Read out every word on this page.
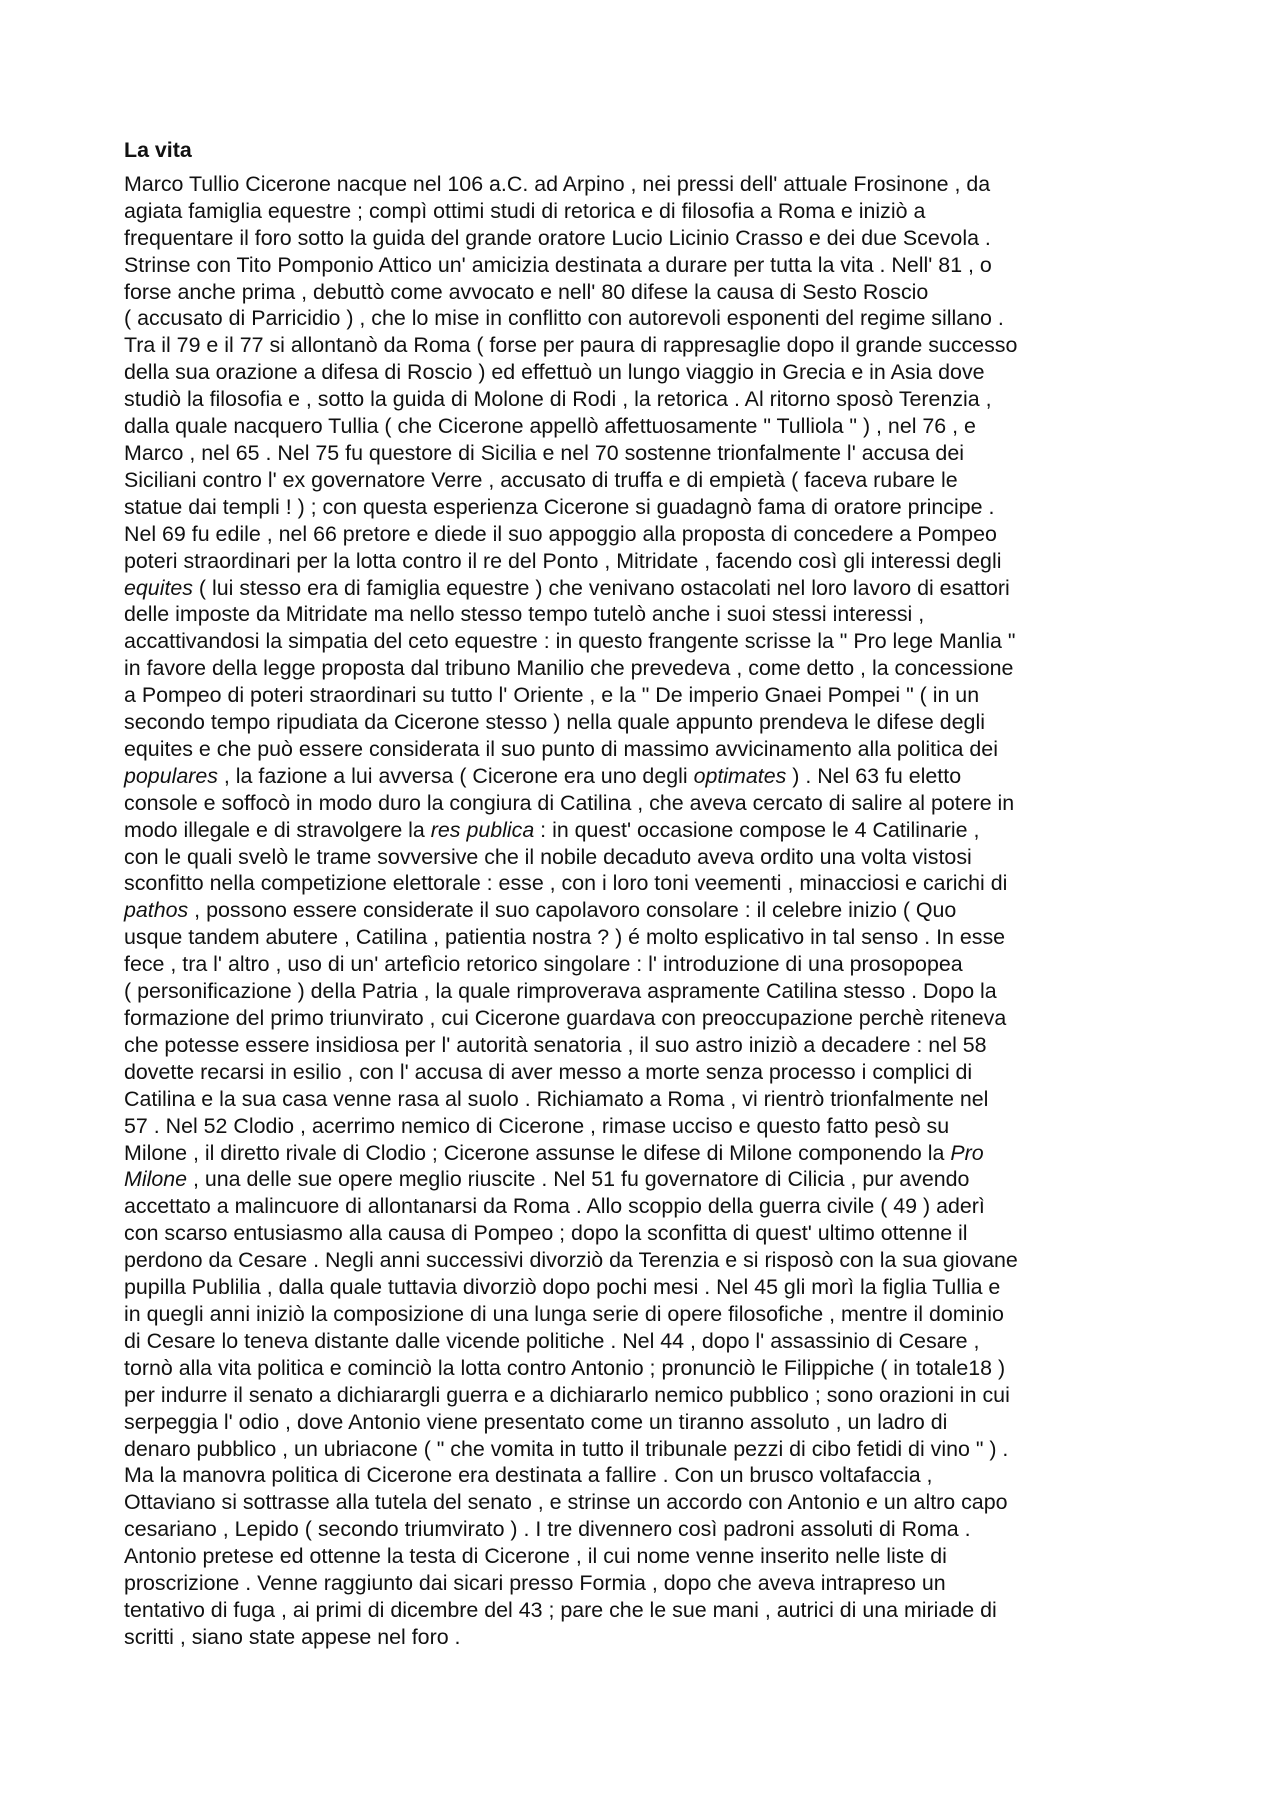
La vita
Marco Tullio Cicerone nacque nel 106 a.C. ad Arpino , nei pressi dell' attuale Frosinone , da
agiata famiglia equestre ; compì ottimi studi di retorica e di filosofia a Roma e iniziò a
frequentare il foro sotto la guida del grande oratore Lucio Licinio Crasso e dei due Scevola .
Strinse con Tito Pomponio Attico un' amicizia destinata a durare per tutta la vita . Nell' 81 , o
forse anche prima , debuttò come avvocato e nell' 80 difese la causa di Sesto Roscio
( accusato di Parricidio ) , che lo mise in conflitto con autorevoli esponenti del regime sillano .
Tra il 79 e il 77 si allontanò da Roma ( forse per paura di rappresaglie dopo il grande successo
della sua orazione a difesa di Roscio ) ed effettuò un lungo viaggio in Grecia e in Asia dove
studiò la filosofia e , sotto la guida di Molone di Rodi , la retorica . Al ritorno sposò Terenzia ,
dalla quale nacquero Tullia ( che Cicerone appellò affettuosamente " Tulliola " ) , nel 76 , e
Marco , nel 65 . Nel 75 fu questore di Sicilia e nel 70 sostenne trionfalmente l' accusa dei
Siciliani contro l' ex governatore Verre , accusato di truffa e di empietà ( faceva rubare le
statue dai templi ! ) ; con questa esperienza Cicerone si guadagnò fama di oratore principe .
Nel 69 fu edile , nel 66 pretore e diede il suo appoggio alla proposta di concedere a Pompeo
poteri straordinari per la lotta contro il re del Ponto , Mitridate , facendo così gli interessi degli
equites ( lui stesso era di famiglia equestre ) che venivano ostacolati nel loro lavoro di esattori
delle imposte da Mitridate ma nello stesso tempo tutelò anche i suoi stessi interessi ,
accattivandosi la simpatia del ceto equestre : in questo frangente scrisse la " Pro lege Manlia "
in favore della legge proposta dal tribuno Manilio che prevedeva , come detto , la concessione
a Pompeo di poteri straordinari su tutto l' Oriente , e la " De imperio Gnaei Pompei " ( in un
secondo tempo ripudiata da Cicerone stesso ) nella quale appunto prendeva le difese degli
equites e che può essere considerata il suo punto di massimo avvicinamento alla politica dei
populares , la fazione a lui avversa ( Cicerone era uno degli optimates ) . Nel 63 fu eletto
console e soffocò in modo duro la congiura di Catilina , che aveva cercato di salire al potere in
modo illegale e di stravolgere la res publica : in quest' occasione compose le 4 Catilinarie ,
con le quali svelò le trame sovversive che il nobile decaduto aveva ordito una volta vistosi
sconfitto nella competizione elettorale : esse , con i loro toni veementi , minacciosi e carichi di
pathos , possono essere considerate il suo capolavoro consolare : il celebre inizio ( Quo
usque tandem abutere , Catilina , patientia nostra ? ) é molto esplicativo in tal senso . In esse
fece , tra l' altro , uso di un' artefìcio retorico singolare : l' introduzione di una prosopopea
( personificazione ) della Patria , la quale rimproverava aspramente Catilina stesso . Dopo la
formazione del primo triunvirato , cui Cicerone guardava con preoccupazione perchè riteneva
che potesse essere insidiosa per l' autorità senatoria , il suo astro iniziò a decadere : nel 58
dovette recarsi in esilio , con l' accusa di aver messo a morte senza processo i complici di
Catilina e la sua casa venne rasa al suolo . Richiamato a Roma , vi rientrò trionfalmente nel
57 . Nel 52 Clodio , acerrimo nemico di Cicerone , rimase ucciso e questo fatto pesò su
Milone , il diretto rivale di Clodio ; Cicerone assunse le difese di Milone componendo la Pro
Milone , una delle sue opere meglio riuscite . Nel 51 fu governatore di Cilicia , pur avendo
accettato a malincuore di allontanarsi da Roma . Allo scoppio della guerra civile ( 49 ) aderì
con scarso entusiasmo alla causa di Pompeo ; dopo la sconfitta di quest' ultimo ottenne il
perdono da Cesare . Negli anni successivi divorziò da Terenzia e si risposò con la sua giovane
pupilla Publilia , dalla quale tuttavia divorziò dopo pochi mesi . Nel 45 gli morì la figlia Tullia e
in quegli anni iniziò la composizione di una lunga serie di opere filosofiche , mentre il dominio
di Cesare lo teneva distante dalle vicende politiche . Nel 44 , dopo l' assassinio di Cesare ,
tornò alla vita politica e cominciò la lotta contro Antonio ; pronunciò le Filippiche ( in totale18 )
per indurre il senato a dichiarargli guerra e a dichiararlo nemico pubblico ; sono orazioni in cui
serpeggia l' odio , dove Antonio viene presentato come un tiranno assoluto , un ladro di
denaro pubblico , un ubriacone ( " che vomita in tutto il tribunale pezzi di cibo fetidi di vino " ) .
Ma la manovra politica di Cicerone era destinata a fallire . Con un brusco voltafaccia ,
Ottaviano si sottrasse alla tutela del senato , e strinse un accordo con Antonio e un altro capo
cesariano , Lepido ( secondo triumvirato ) . I tre divennero così padroni assoluti di Roma .
Antonio pretese ed ottenne la testa di Cicerone , il cui nome venne inserito nelle liste di
proscrizione . Venne raggiunto dai sicari presso Formia , dopo che aveva intrapreso un
tentativo di fuga , ai primi di dicembre del 43 ; pare che le sue mani , autrici di una miriade di
scritti , siano state appese nel foro .
